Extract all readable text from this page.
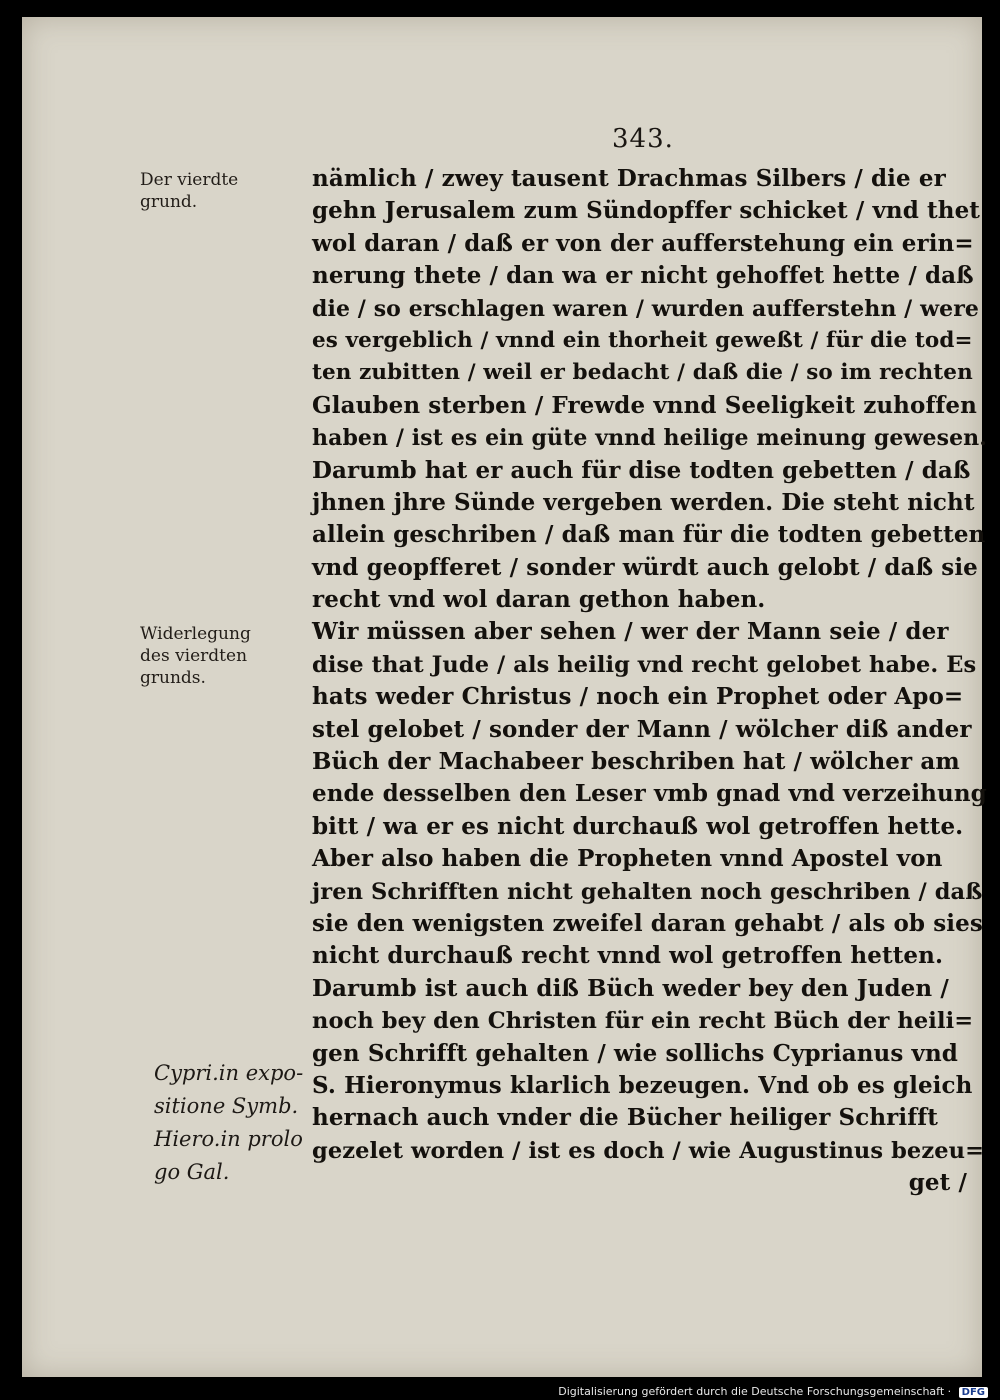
343.
Der vierdte
grund.
Widerlegung
des vierdten
grunds.
Cypri.in expo-
sitione Symb.
Hiero.in prolo
go Gal.
nämlich / zwey tausent Drachmas Silbers / die er
gehn Jerusalem zum Sündopffer schicket / vnd thet
wol daran / daß er von der aufferstehung ein erin=
nerung thete / dan wa er nicht gehoffet hette / daß
die / so erschlagen waren / wurden aufferstehn / were
es vergeblich / vnnd ein thorheit geweßt / für die tod=
ten zubitten / weil er bedacht / daß die / so im rechten
Glauben sterben / Frewde vnnd Seeligkeit zuhoffen
haben / ist es ein güte vnnd heilige meinung gewesen.
Darumb hat er auch für dise todten gebetten / daß
jhnen jhre Sünde vergeben werden. Die steht nicht
allein geschriben / daß man für die todten gebetten
vnd geopfferet / sonder würdt auch gelobt / daß sie
recht vnd wol daran gethon haben.
Wir müssen aber sehen / wer der Mann seie / der
dise that Jude / als heilig vnd recht gelobet habe. Es
hats weder Christus / noch ein Prophet oder Apo=
stel gelobet / sonder der Mann / wölcher diß ander
Büch der Machabeer beschriben hat / wölcher am
ende desselben den Leser vmb gnad vnd verzeihung
bitt / wa er es nicht durchauß wol getroffen hette.
Aber also haben die Propheten vnnd Apostel von
jren Schrifften nicht gehalten noch geschriben / daß
sie den wenigsten zweifel daran gehabt / als ob sies
nicht durchauß recht vnnd wol getroffen hetten.
Darumb ist auch diß Büch weder bey den Juden /
noch bey den Christen für ein recht Büch der heili=
gen Schrifft gehalten / wie sollichs Cyprianus vnd
S. Hieronymus klarlich bezeugen. Vnd ob es gleich
hernach auch vnder die Bücher heiliger Schrifft
gezelet worden / ist es doch / wie Augustinus bezeu=
get /
Digitalisierung gefördert durch die Deutsche Forschungsgemeinschaft · DFG
